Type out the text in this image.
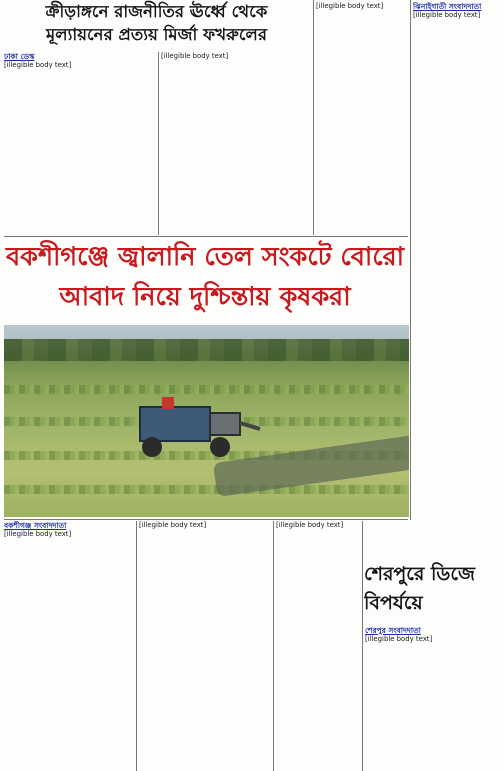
ক্রীড়াঙ্গনে রাজনীতির ঊর্ধ্বে থেকে
মূল্যায়নের প্রত্যয় মির্জা ফখরুলের
ঢাকা ডেস্ক
[illegible body text]
[illegible body text]
[illegible body text]	ঝিনাইগাতী সংবাদদাতা
[illegible body text]
বকশীগঞ্জে জ্বালানি তেল সংকটে বোরো
আবাদ নিয়ে দুশ্চিন্তায় কৃষকরা
বকশীগঞ্জ সংবাদদাতা
[illegible body text]
[illegible body text]	[illegible body text]
শেরপুরে ডিজে
বিপর্যয়ে
শেরপুর সংবাদদাতা
[illegible body text]
